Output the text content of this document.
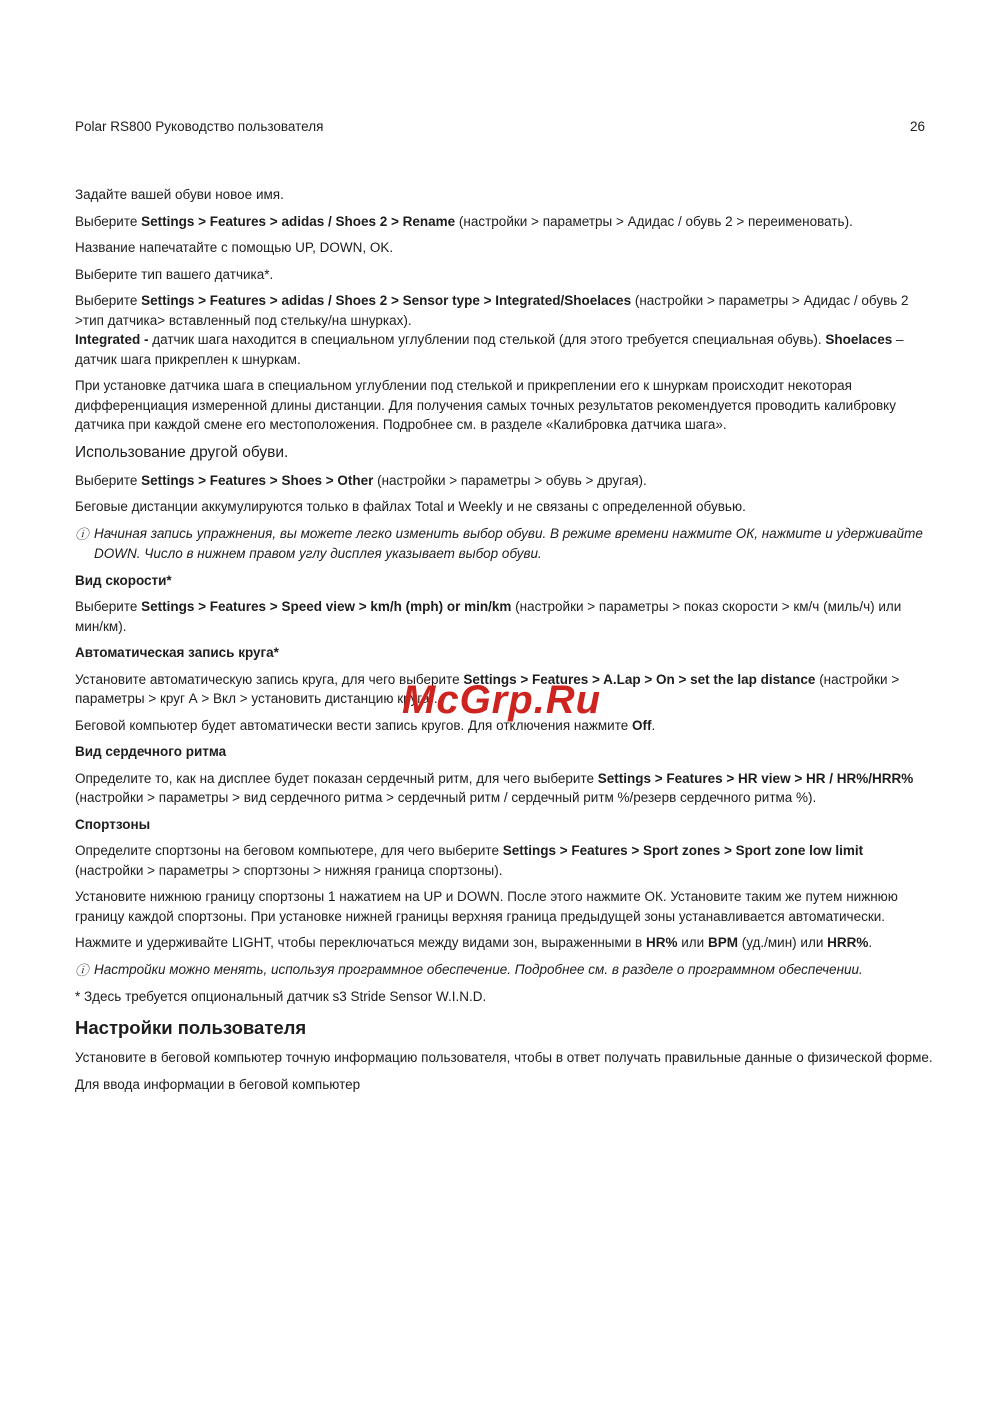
Polar RS800 Руководство пользователя	26
Задайте вашей обуви новое имя.
Выберите Settings > Features > adidas / Shoes 2 > Rename (настройки > параметры > Адидас / обувь 2 > переименовать).
Название напечатайте с помощью UP, DOWN, OK.
Выберите тип вашего датчика*.
Выберите Settings > Features > adidas / Shoes 2 > Sensor type > Integrated/Shoelaces (настройки > параметры > Адидас / обувь 2 >тип датчика> вставленный под стельку/на шнурках).
Integrated - датчик шага находится в специальном углублении под стелькой (для этого требуется специальная обувь). Shoelaces – датчик шага прикреплен к шнуркам.
При установке датчика шага в специальном углублении под стелькой и прикреплении его к шнуркам происходит некоторая дифференциация измеренной длины дистанции. Для получения самых точных результатов рекомендуется проводить калибровку датчика при каждой смене его местоположения. Подробнее см. в разделе «Калибровка датчика шага».
Использование другой обуви.
Выберите Settings > Features > Shoes > Other (настройки > параметры > обувь > другая).
Беговые дистанции аккумулируются только в файлах Total и Weekly и не связаны с определенной обувью.
ⓘ Начиная запись упражнения, вы можете легко изменить выбор обуви. В режиме времени нажмите ОК, нажмите и удерживайте DOWN. Число в нижнем правом углу дисплея указывает выбор обуви.
Вид скорости*
Выберите Settings > Features > Speed view > km/h (mph) or min/km (настройки > параметры > показ скорости > км/ч (миль/ч) или мин/км).
Автоматическая запись круга*
Установите автоматическую запись круга, для чего выберите Settings > Features > A.Lap > On > set the lap distance (настройки > параметры > круг А > Вкл > установить дистанцию круга).
Беговой компьютер будет автоматически вести запись кругов. Для отключения нажмите Off.
Вид сердечного ритма
Определите то, как на дисплее будет показан сердечный ритм, для чего выберите Settings > Features > HR view > HR / HR%/HRR% (настройки > параметры > вид сердечного ритма > сердечный ритм / сердечный ритм %/резерв сердечного ритма %).
Спортзоны
Определите спортзоны на беговом компьютере, для чего выберите Settings > Features > Sport zones > Sport zone low limit (настройки > параметры > спортзоны > нижняя граница спортзоны).
Установите нижнюю границу спортзоны 1 нажатием на UP и DOWN. После этого нажмите ОК. Установите таким же путем нижнюю границу каждой спортзоны. При установке нижней границы верхняя граница предыдущей зоны устанавливается автоматически.
Нажмите и удерживайте LIGHT, чтобы переключаться между видами зон, выраженными в HR% или BPM (уд./мин) или HRR%.
ⓘ Настройки можно менять, используя программное обеспечение. Подробнее см. в разделе о программном обеспечении.
* Здесь требуется опциональный датчик s3 Stride Sensor W.I.N.D.
Настройки пользователя
Установите в беговой компьютер точную информацию пользователя, чтобы в ответ получать правильные данные о физической форме.
Для ввода информации в беговой компьютер
McGrp.Ru
